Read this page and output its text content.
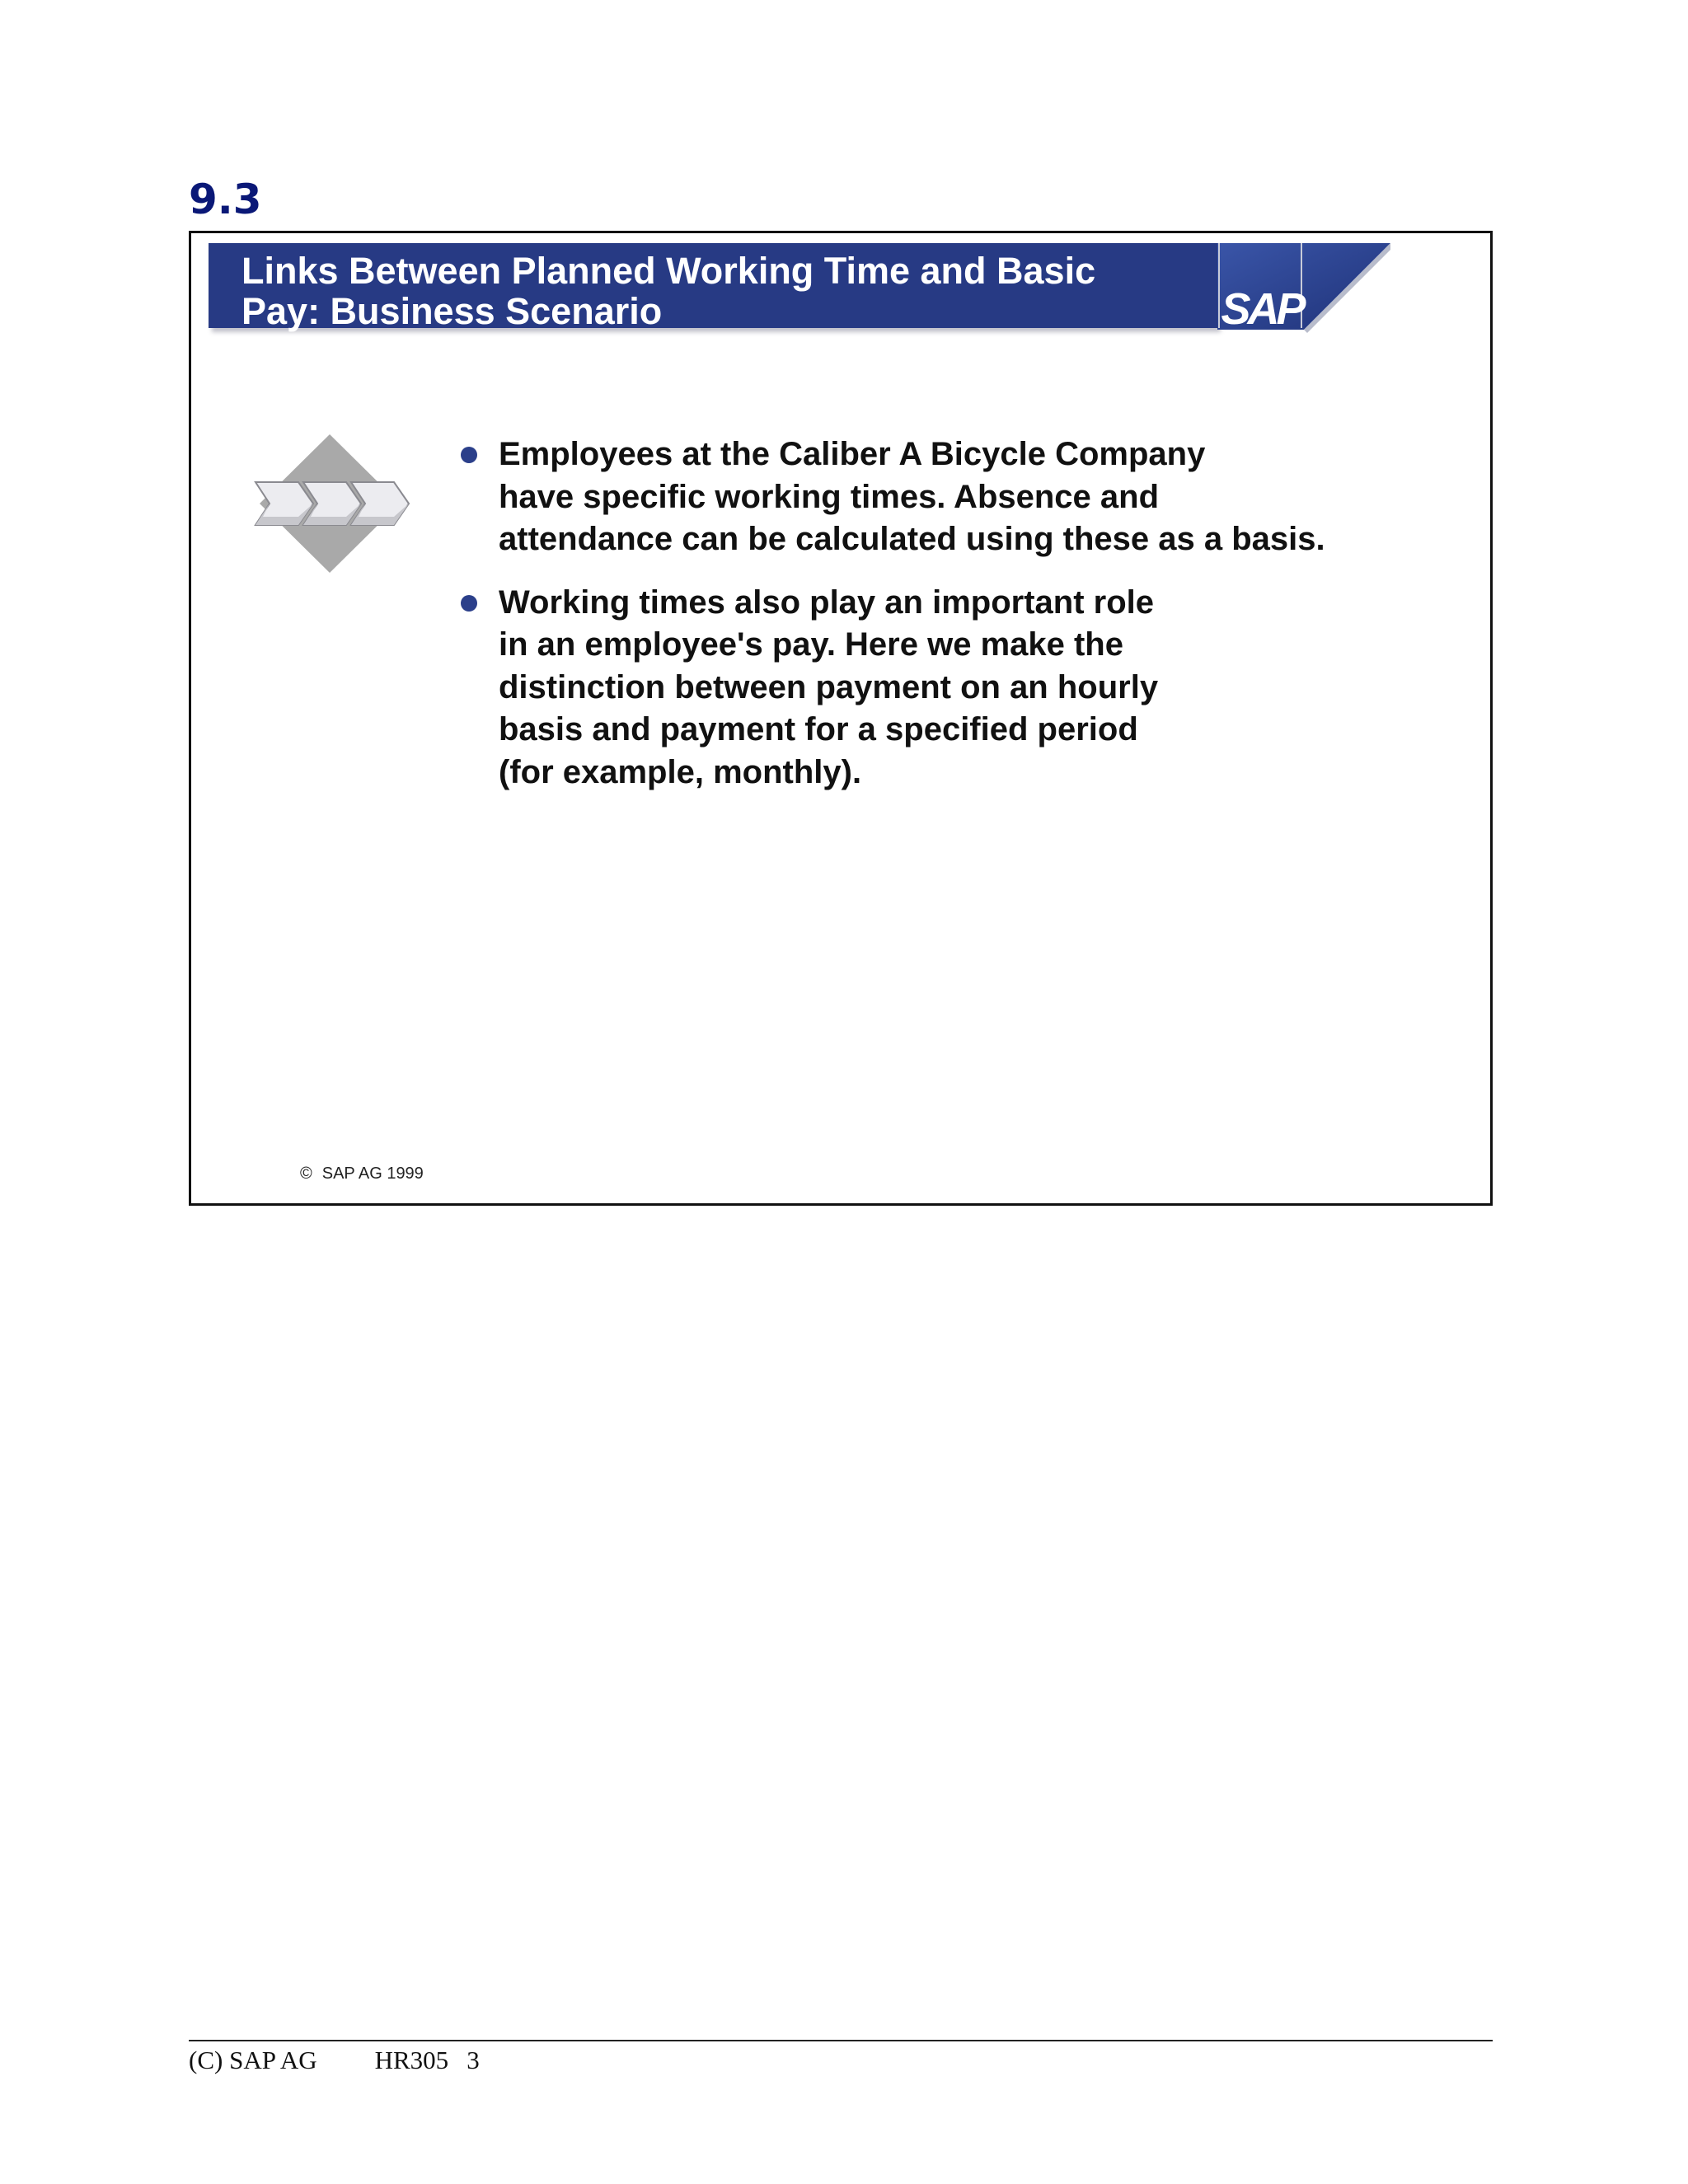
9.3
Links Between Planned Working Time and Basic
Pay: Business Scenario	SAP
Employees at the Caliber A Bicycle Company
have specific working times. Absence and
attendance can be calculated using these as a basis.
Working times also play an important role
in an employee's pay. Here we make the
distinction between payment on an hourly
basis and payment for a specified period
(for example, monthly).
© SAP AG 1999
(C) SAP AG HR305 3
